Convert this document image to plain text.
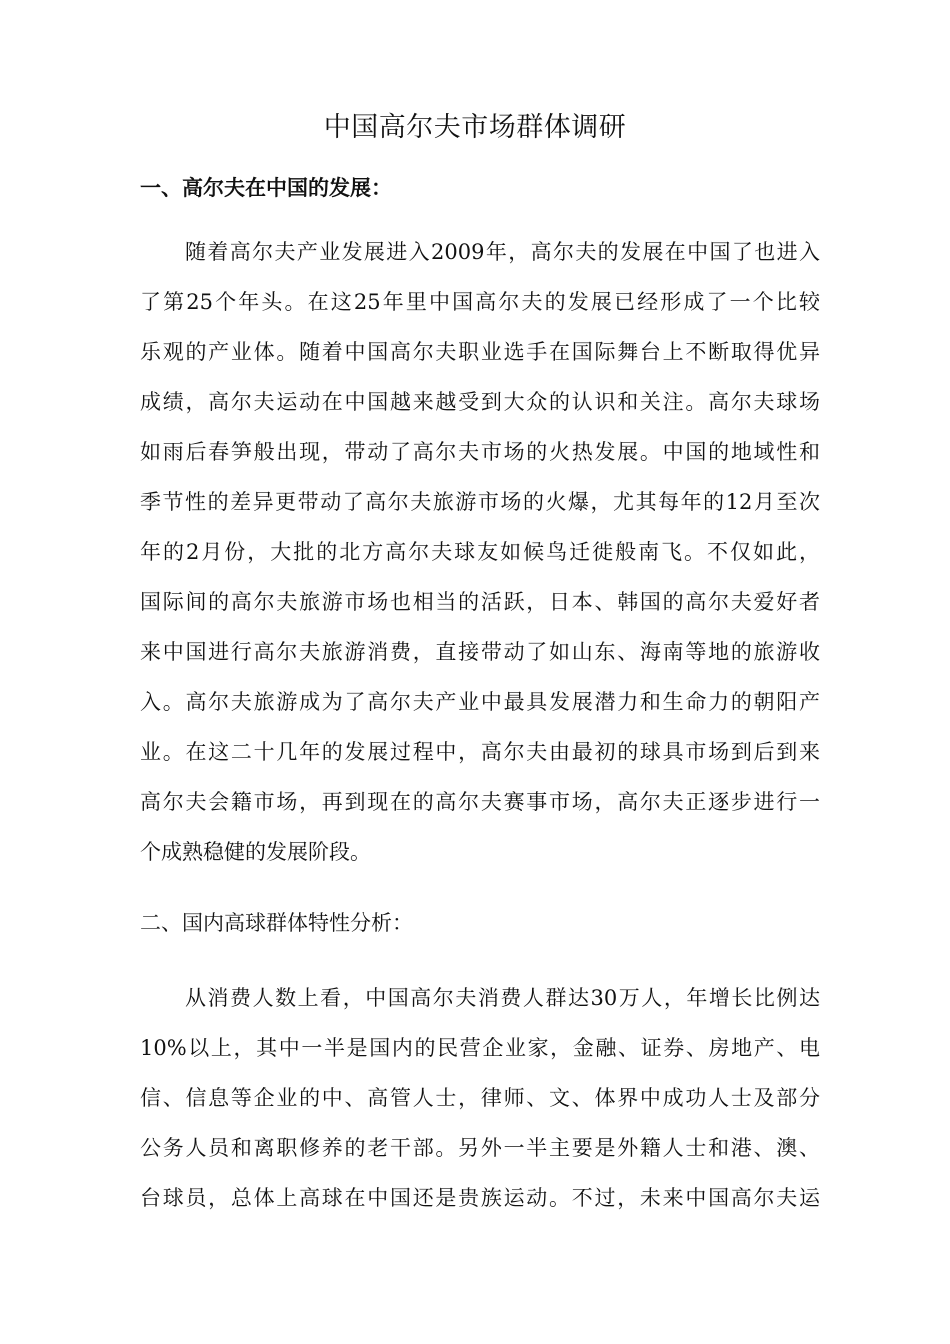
中国高尔夫市场群体调研
一、高尔夫在中国的发展：
随着高尔夫产业发展进入2009年，高尔夫的发展在中国了也进入
了第25个年头。在这25年里中国高尔夫的发展已经形成了一个比较
乐观的产业体。随着中国高尔夫职业选手在国际舞台上不断取得优异
成绩，高尔夫运动在中国越来越受到大众的认识和关注。高尔夫球场
如雨后春笋般出现，带动了高尔夫市场的火热发展。中国的地域性和
季节性的差异更带动了高尔夫旅游市场的火爆，尤其每年的12月至次
年的2月份，大批的北方高尔夫球友如候鸟迁徙般南飞。不仅如此，
国际间的高尔夫旅游市场也相当的活跃，日本、韩国的高尔夫爱好者
来中国进行高尔夫旅游消费，直接带动了如山东、海南等地的旅游收
入。高尔夫旅游成为了高尔夫产业中最具发展潜力和生命力的朝阳产
业。在这二十几年的发展过程中，高尔夫由最初的球具市场到后到来
高尔夫会籍市场，再到现在的高尔夫赛事市场，高尔夫正逐步进行一
个成熟稳健的发展阶段。
二、国内高球群体特性分析：
从消费人数上看，中国高尔夫消费人群达30万人，年增长比例达
10%以上，其中一半是国内的民营企业家，金融、证券、房地产、电
信、信息等企业的中、高管人士，律师、文、体界中成功人士及部分
公务人员和离职修养的老干部。另外一半主要是外籍人士和港、澳、
台球员，总体上高球在中国还是贵族运动。不过，未来中国高尔夫运
